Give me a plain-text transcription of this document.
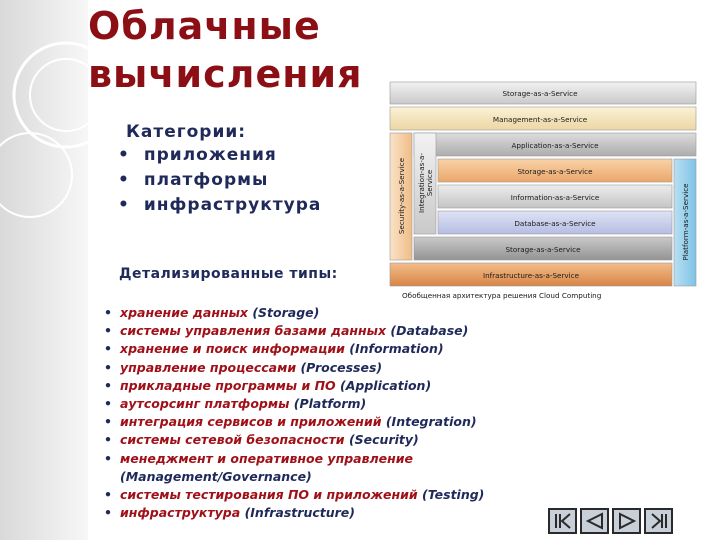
Облачные
вычисления
Категории:
• приложения
• платформы
• инфраструктура
Детализированные типы:
• хранение данных (Storage)
• системы управления базами данных (Database)
• хранение и поиск информации (Information)
• управление процессами (Processes)
• прикладные программы и ПО (Application)
• аутсорсинг платформы (Platform)
• интеграция сервисов и приложений (Integration)
• системы сетевой безопасности (Security)
• менеджмент и оперативное управление
(Management/Governance)
• системы тестирования ПО и приложений (Testing)
• инфраструктура (Infrastructure)
Storage-as-a-Service
Management-as-a-Service
Application-as-a-Service
Storage-as-a-Service
Information-as-a-Service
Database-as-a-Service
Storage-as-a-Service
Infrastructure-as-a-Service
Security-as-a-Service Integration-as-a- Service
Platform-as-a-Service
Обобщенная архитектура решения Cloud Computing
